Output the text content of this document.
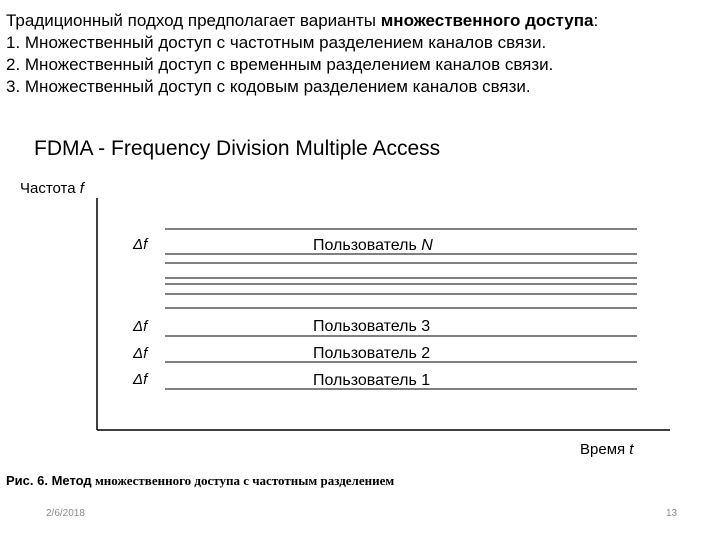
Традиционный подход предполагает варианты множественного доступа:
1. Множественный доступ с частотным разделением каналов связи.
2. Множественный доступ с временным разделением каналов связи.
3. Множественный доступ с кодовым разделением каналов связи.
FDMA - Frequency Division Multiple Access
Частота f
Время t
Δf
Δf
Δf
Δf
Пользователь N
Пользователь 3
Пользователь 2
Пользователь 1
Рис. 6. Метод множественного доступа с частотным разделением
2/6/2018	13
